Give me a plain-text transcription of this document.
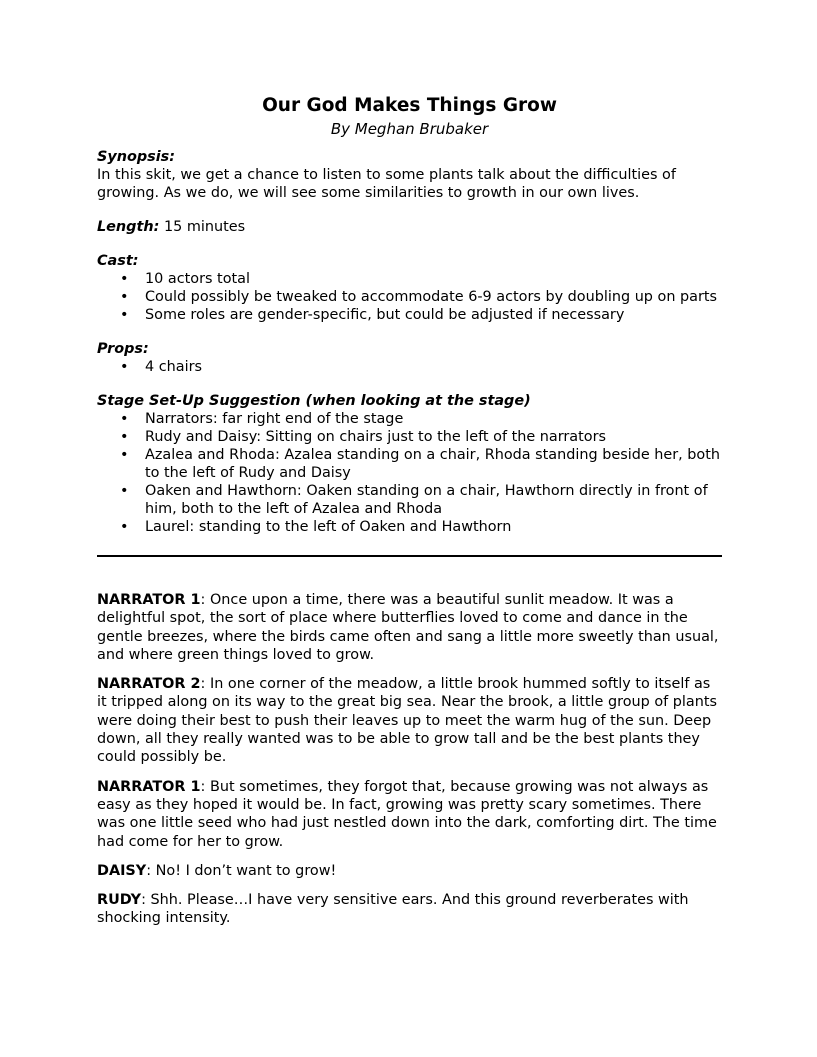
Our God Makes Things Grow
By Meghan Brubaker
Synopsis:
In this skit, we get a chance to listen to some plants talk about the difficulties of growing. As we do, we will see some similarities to growth in our own lives.
Length: 15 minutes
Cast:
• 10 actors total
• Could possibly be tweaked to accommodate 6-9 actors by doubling up on parts
• Some roles are gender-specific, but could be adjusted if necessary
Props:
• 4 chairs
Stage Set-Up Suggestion (when looking at the stage)
• Narrators: far right end of the stage
• Rudy and Daisy: Sitting on chairs just to the left of the narrators
• Azalea and Rhoda: Azalea standing on a chair, Rhoda standing beside her, both to the left of Rudy and Daisy
• Oaken and Hawthorn: Oaken standing on a chair, Hawthorn directly in front of him, both to the left of Azalea and Rhoda
• Laurel: standing to the left of Oaken and Hawthorn

NARRATOR 1: Once upon a time, there was a beautiful sunlit meadow. It was a delightful spot, the sort of place where butterflies loved to come and dance in the gentle breezes, where the birds came often and sang a little more sweetly than usual, and where green things loved to grow.

NARRATOR 2: In one corner of the meadow, a little brook hummed softly to itself as it tripped along on its way to the great big sea. Near the brook, a little group of plants were doing their best to push their leaves up to meet the warm hug of the sun. Deep down, all they really wanted was to be able to grow tall and be the best plants they could possibly be.

NARRATOR 1: But sometimes, they forgot that, because growing was not always as easy as they hoped it would be. In fact, growing was pretty scary sometimes. There was one little seed who had just nestled down into the dark, comforting dirt. The time had come for her to grow.

DAISY: No! I don’t want to grow!

RUDY: Shh. Please…I have very sensitive ears. And this ground reverberates with shocking intensity.
